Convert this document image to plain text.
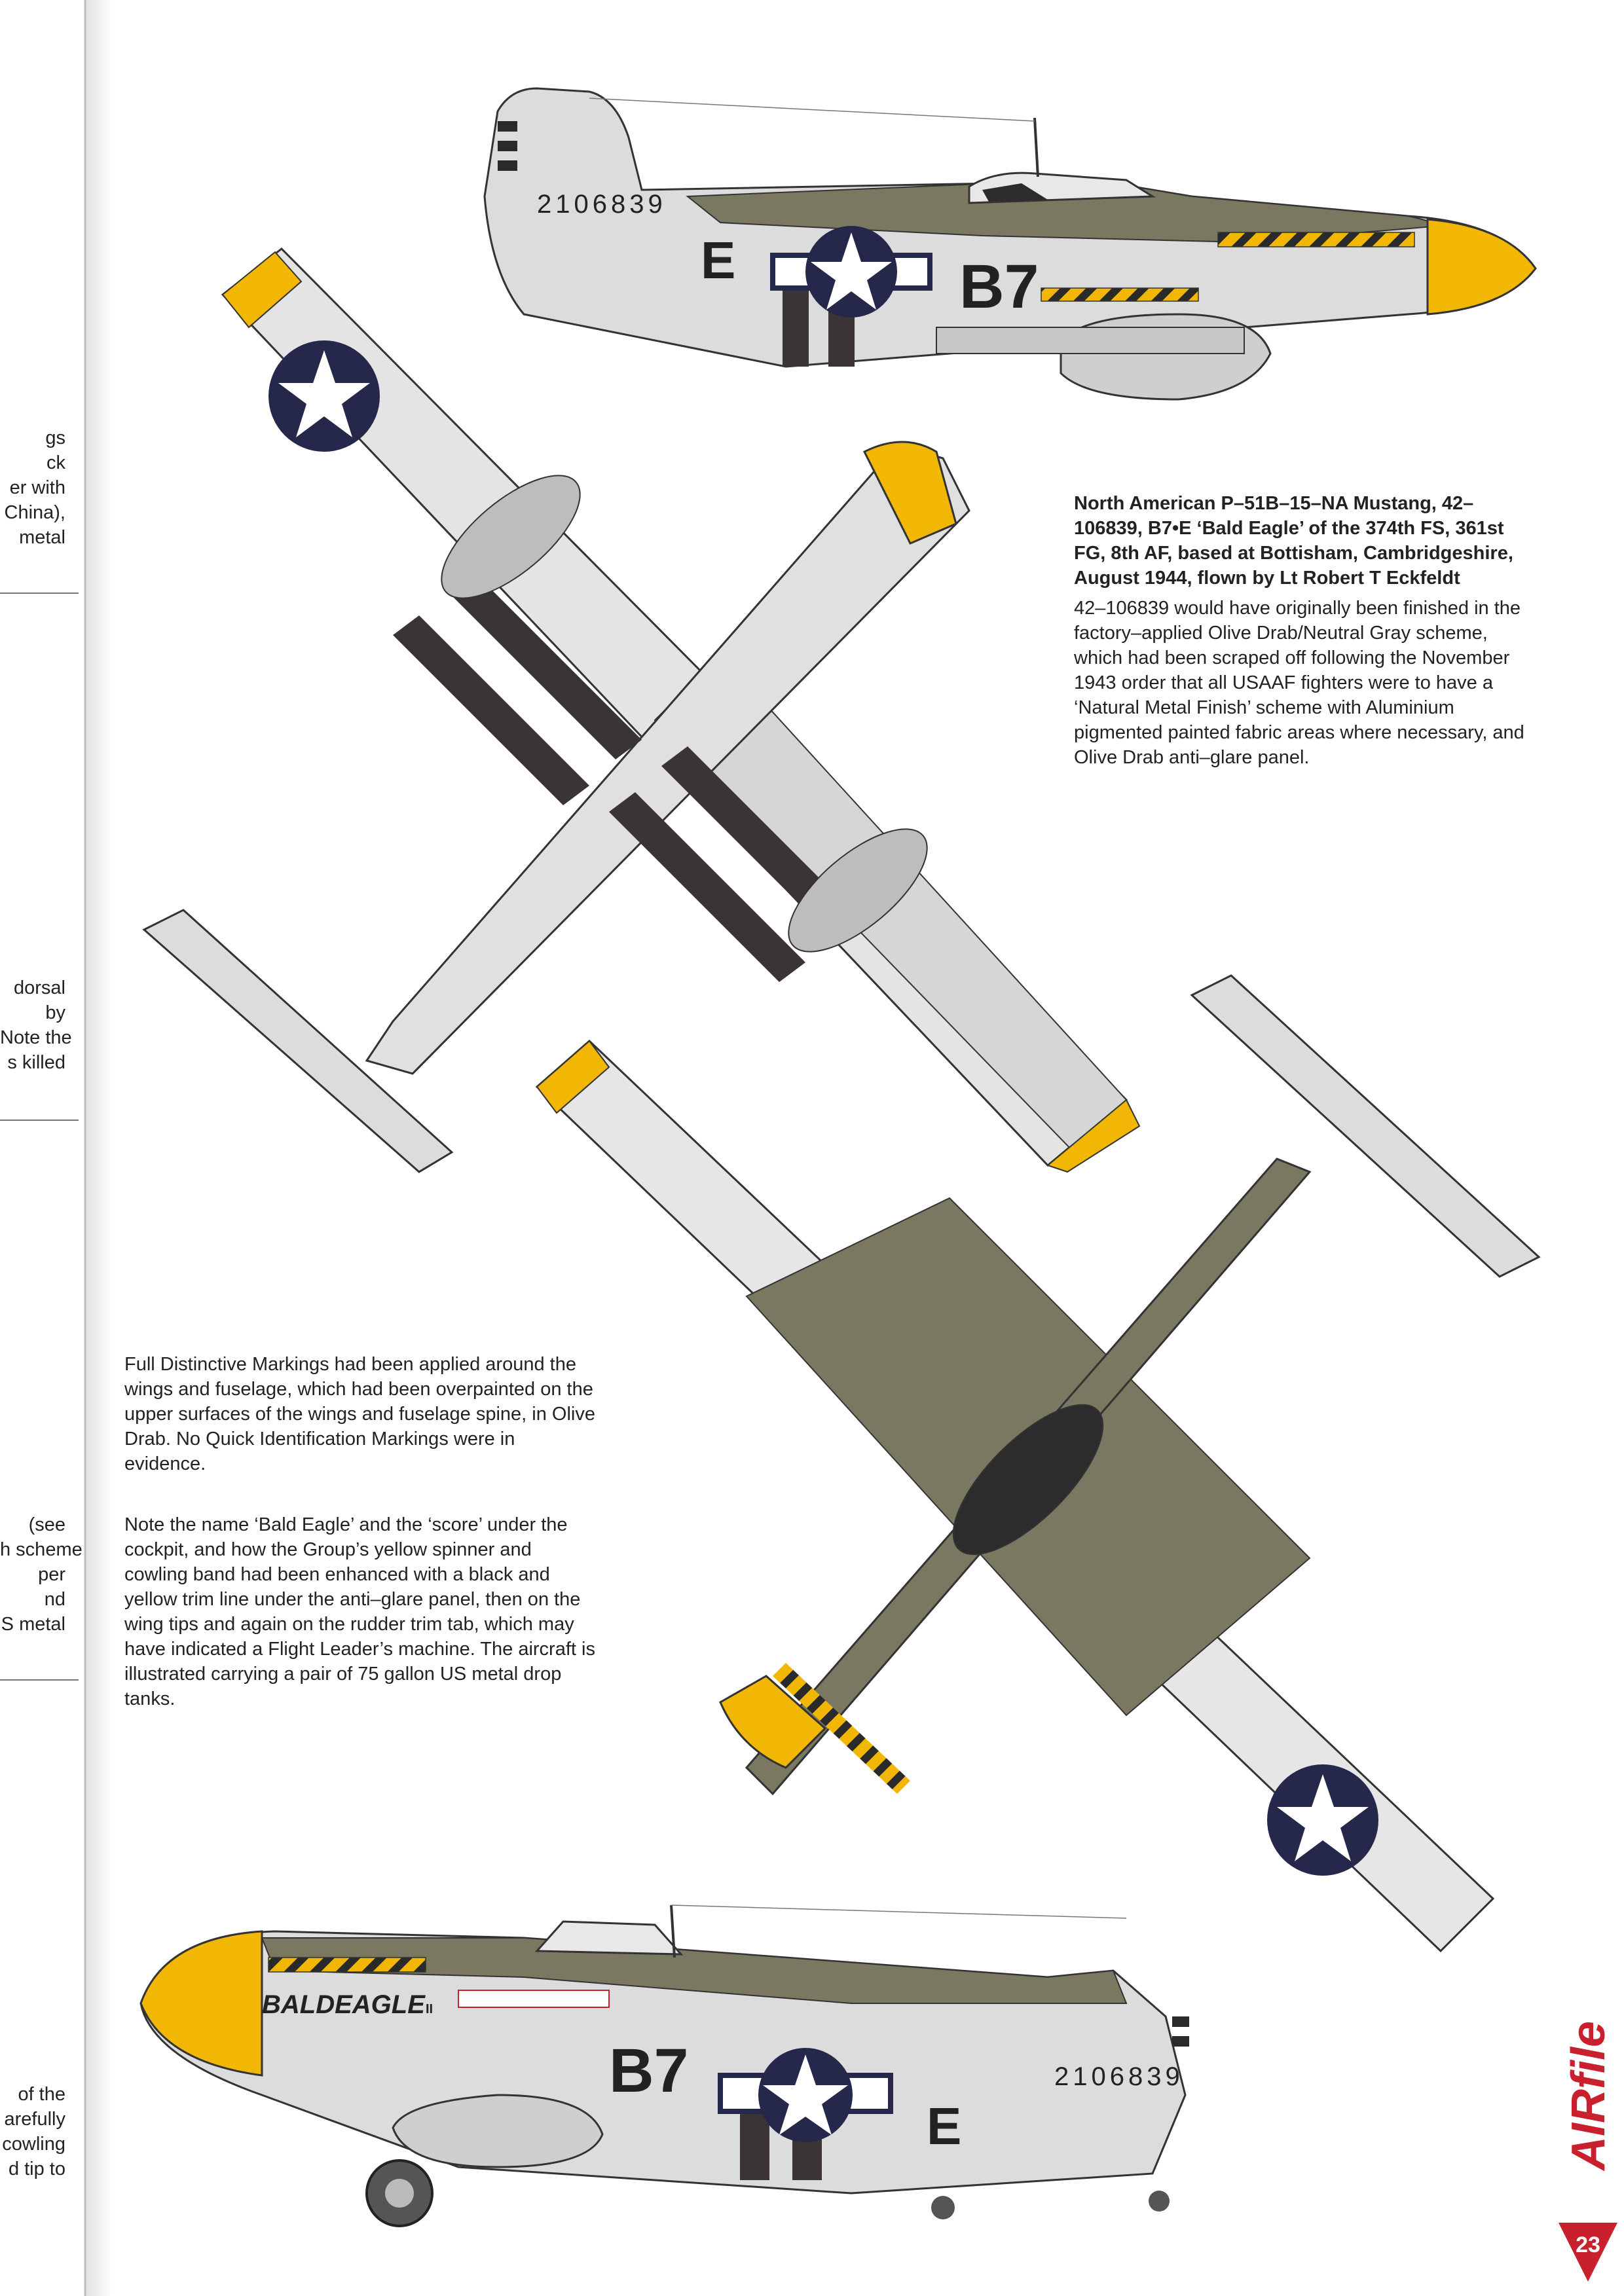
2106839
E	B7
BALDEAGLE II
B7
E
2106839	AIRfile
23
gs
ck
er with
China),
metal
dorsal
by
Note the
s killed
(see
h scheme
per
nd
S metal
of the
arefully
cowling
d tip to
North American P–51B–15–NA Mustang, 42–106839, B7•E ‘Bald Eagle’ of the 374th FS, 361st FG, 8th AF, based at Bottisham, Cambridgeshire, August 1944, flown by Lt Robert T Eckfeldt
42–106839 would have originally been finished in the factory–applied Olive Drab/Neutral Gray scheme, which had been scraped off following the November 1943 order that all USAAF fighters were to have a ‘Natural Metal Finish’ scheme with Aluminium pigmented painted fabric areas where necessary, and Olive Drab anti–glare panel.
Full Distinctive Markings had been applied around the wings and fuselage, which had been overpainted on the upper surfaces of the wings and fuselage spine, in Olive Drab. No Quick Identification Markings were in evidence.
Note the name ‘Bald Eagle’ and the ‘score’ under the cockpit, and how the Group’s yellow spinner and cowling band had been enhanced with a black and yellow trim line under the anti–glare panel, then on the wing tips and again on the rudder trim tab, which may have indicated a Flight Leader’s machine. The aircraft is illustrated carrying a pair of 75 gallon US metal drop tanks.
